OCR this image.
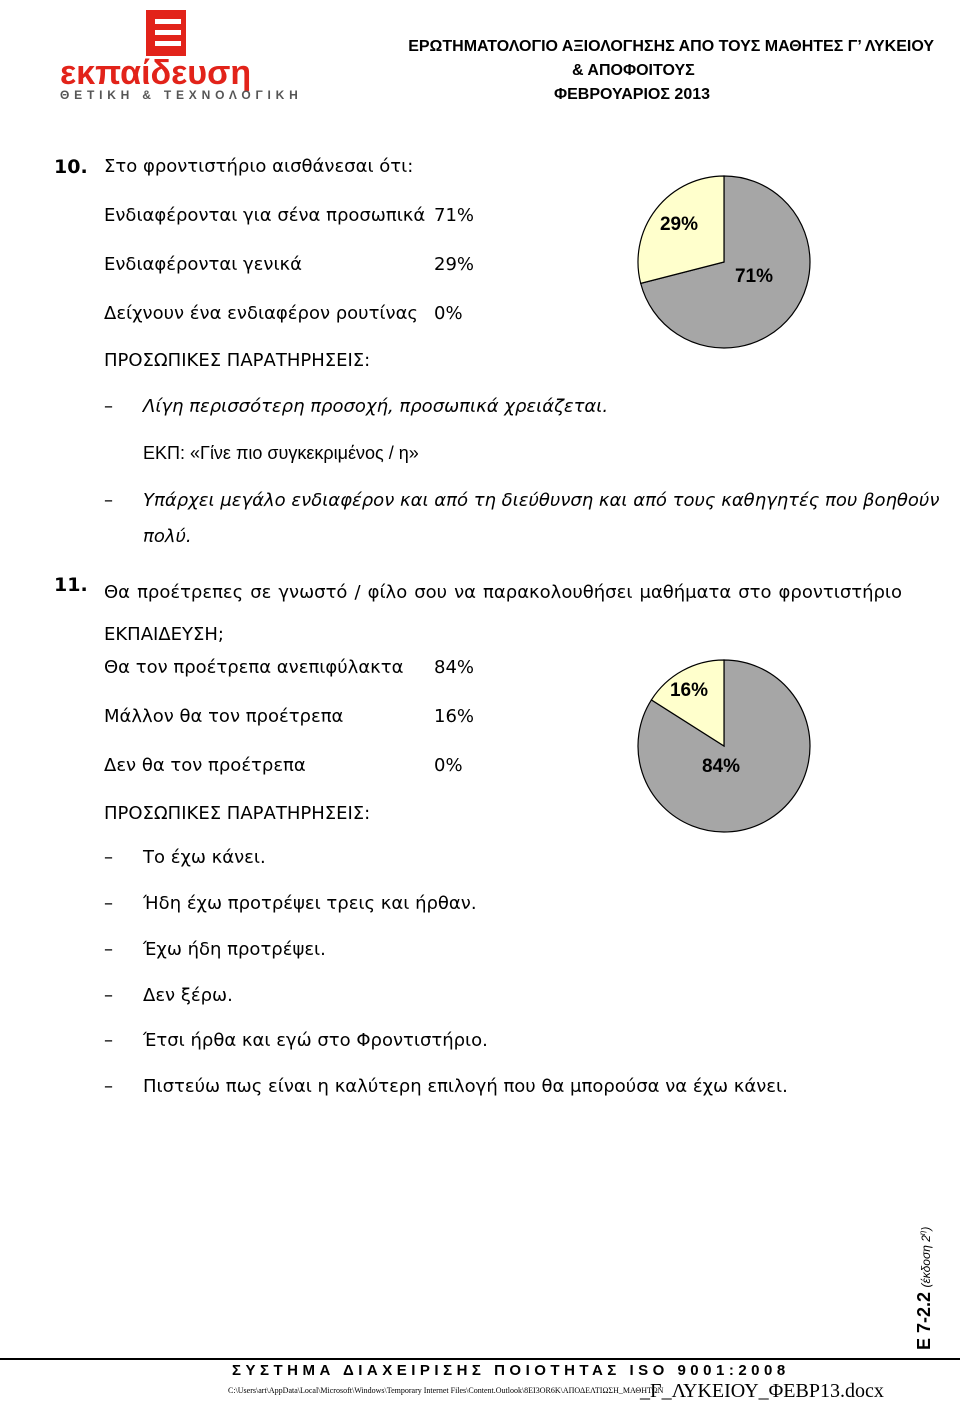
εκπαίδευση
ΘΕΤΙΚΗ & ΤΕΧΝΟΛΟΓΙΚΗ
ΕΡΩΤΗΜΑΤΟΛΟΓΙΟ ΑΞΙΟΛΟΓΗΣΗΣ ΑΠΟ ΤΟΥΣ ΜΑΘΗΤΕΣ Γ’ ΛΥΚΕΙΟΥ
& ΑΠΟΦΟΙΤΟΥΣ
ΦΕΒΡΟΥΑΡΙΟΣ 2013
10. Στο φροντιστήριο αισθάνεσαι ότι:
Ενδιαφέρονται για σένα προσωπικά 71%
Ενδιαφέρονται γενικά	29%
Δείχνουν ένα ενδιαφέρον ρουτίνας 0%
ΠΡΟΣΩΠΙΚΕΣ ΠΑΡΑΤΗΡΗΣΕΙΣ:
– Λίγη περισσότερη προσοχή, προσωπικά χρειάζεται.
ΕΚΠ: «Γίνε πιο συγκεκριμένος / η»
– Υπάρχει μεγάλο ενδιαφέρον και από τη διεύθυνση και από τους καθηγητές που βοηθούν
πολύ.
71%
29%
11. Θα προέτρεπες σε γνωστό / φίλο σου να παρακολουθήσει μαθήματα στο φροντιστήριο ΕΚΠΑΙΔΕΥΣΗ;
Θα τον προέτρεπα ανεπιφύλακτα 84%
Μάλλον θα τον προέτρεπα	16%
Δεν θα τον προέτρεπα	0%
ΠΡΟΣΩΠΙΚΕΣ ΠΑΡΑΤΗΡΗΣΕΙΣ:
– Το έχω κάνει.
– Ήδη έχω προτρέψει τρεις και ήρθαν.
– Έχω ήδη προτρέψει.
– Δεν ξέρω.
– Έτσι ήρθα και εγώ στο Φροντιστήριο.
– Πιστεύω πως είναι η καλύτερη επιλογή που θα μπορούσα να έχω κάνει.
84%
16%
Ε 7-2.2 (έκδοση $2^\eta$)
ΣΥΣΤΗΜΑ ΔΙΑΧΕΙΡΙΣΗΣ ΠΟΙΟΤΗΤΑΣ ISO 9001:2008
C:\Users\art\AppData\Local\Microsoft\Windows\Temporary Internet Files\Content.Outlook\8EI3OR6K\ΑΠΟΔΕΛΤΙΩΣΗ_ΜΑΘΗΤΩΝ
_Γ_ΛΥΚΕΙΟΥ_ΦΕΒΡ13.docx
